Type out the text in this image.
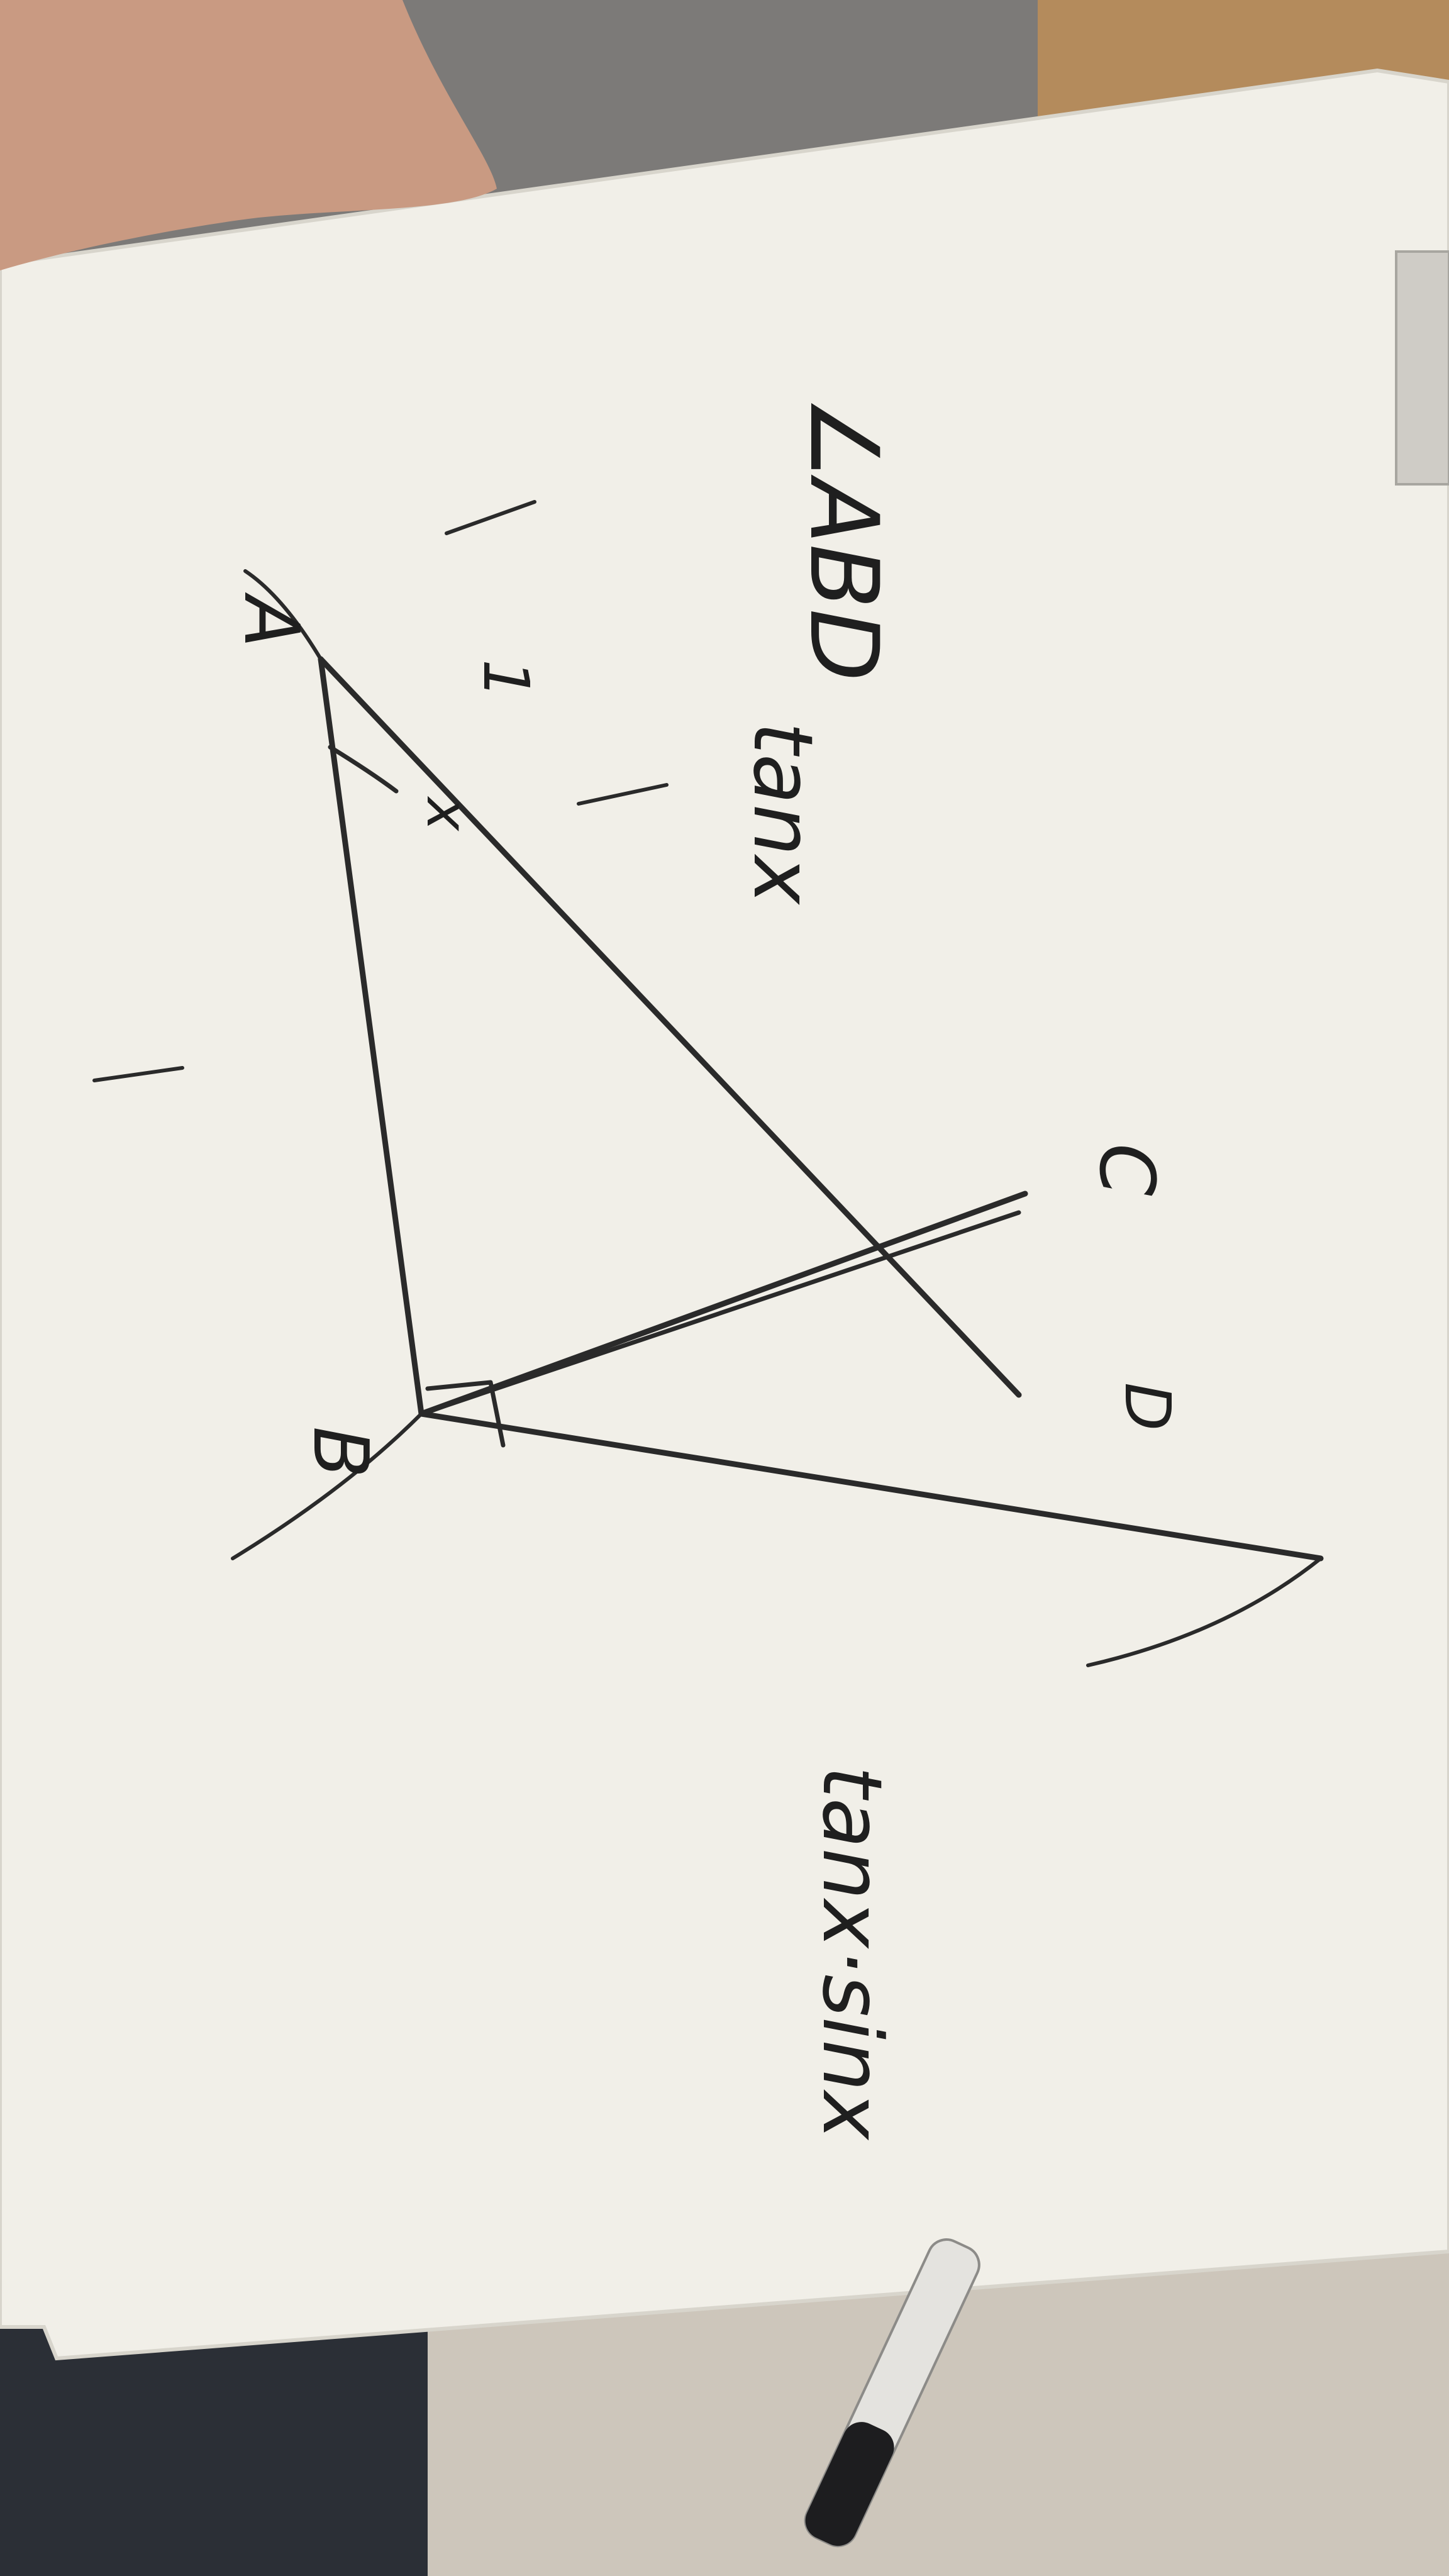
A
B
C
D
x
∠ABD
tanx
tanx·sinx
1
